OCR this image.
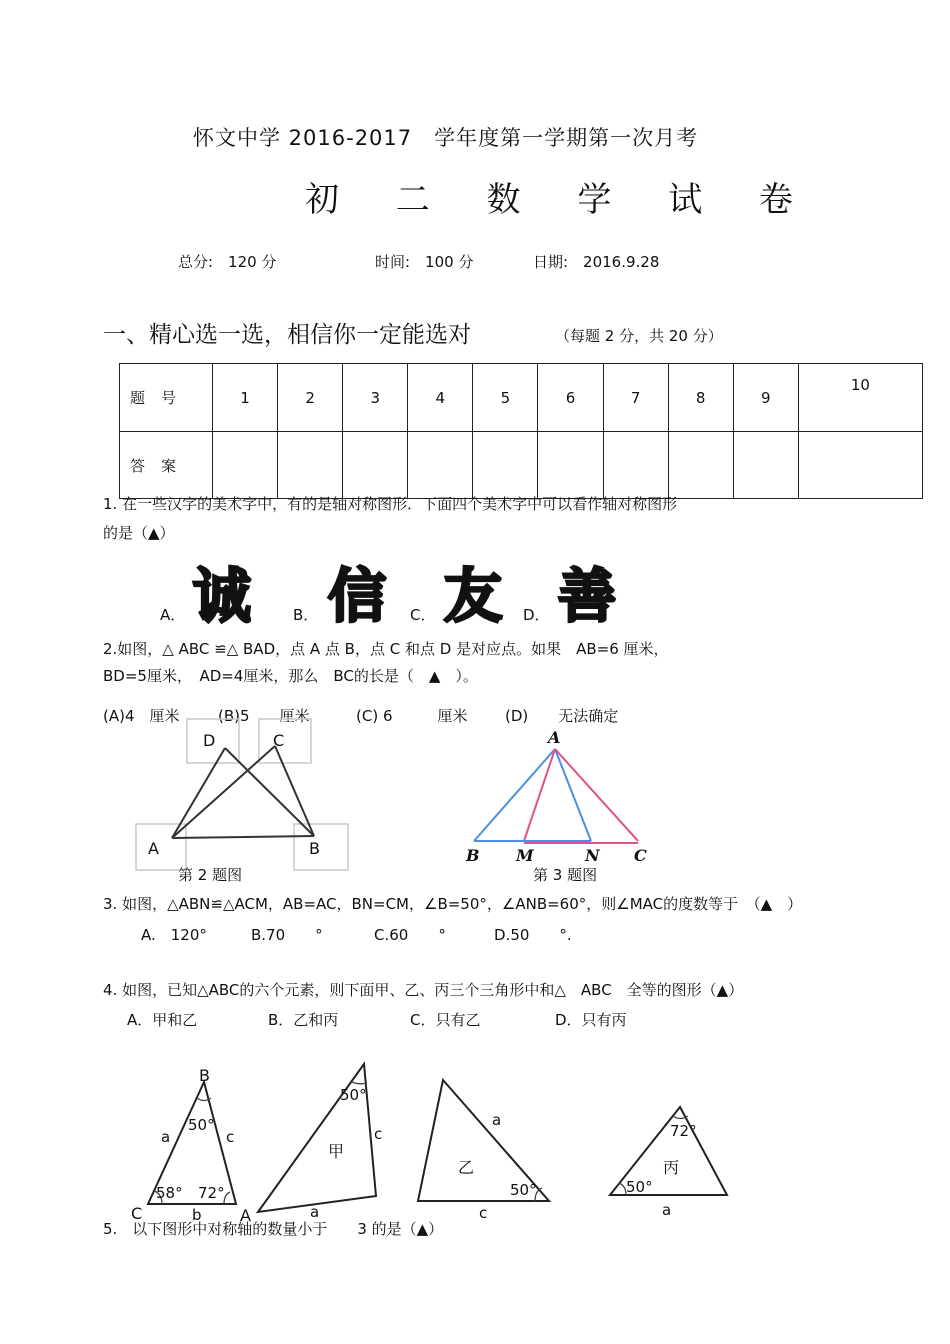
怀文中学 2016-2017　学年度第一学期第一次月考
初 二 数 学 试 卷
总分:　120 分	时间:　100 分	日期:　2016.9.28
一、精心选一选，相信你一定能选对	（每题 2 分，共 20 分）
题号	1	2	3	4	5	6	7	8	9	10
答案										
1. 在一些汉字的美术字中，有的是轴对称图形．下面四个美术字中可以看作轴对称图形
的是（▲）
A． 诚	B． 信 C． 友 D． 善
2.如图，△ ABC ≌△ BAD，点 A 点 B，点 C 和点 D 是对应点。如果　AB=6 厘米，
BD=5厘米，　AD=4厘米，那么　BC的长是（　▲　）。
(A)4　厘米	(B)5　　厘米	(C) 6　　　厘米	(D)　　无法确定
D	C
A	B
第 2 题图
A
B M	N C
第 3 题图
3. 如图，△ABN≌△ACM，AB=AC，BN=CM，∠B=50°，∠ANB=60°，则∠MAC的度数等于　（▲　）
A.　120°	B.70　　°	C.60　　°	D.50　　°.
4. 如图，已知△ABC的六个元素，则下面甲、乙、丙三个三角形中和△　ABC　全等的图形（▲）
A．甲和乙	B．乙和丙	C．只有乙	D．只有丙
B
C	A
a	c
b
50°
58° 72°
50°
甲
c
a
乙
a
c
50°
72°
丙
50°
a
5.　以下图形中对称轴的数量小于　　3 的是（▲）
